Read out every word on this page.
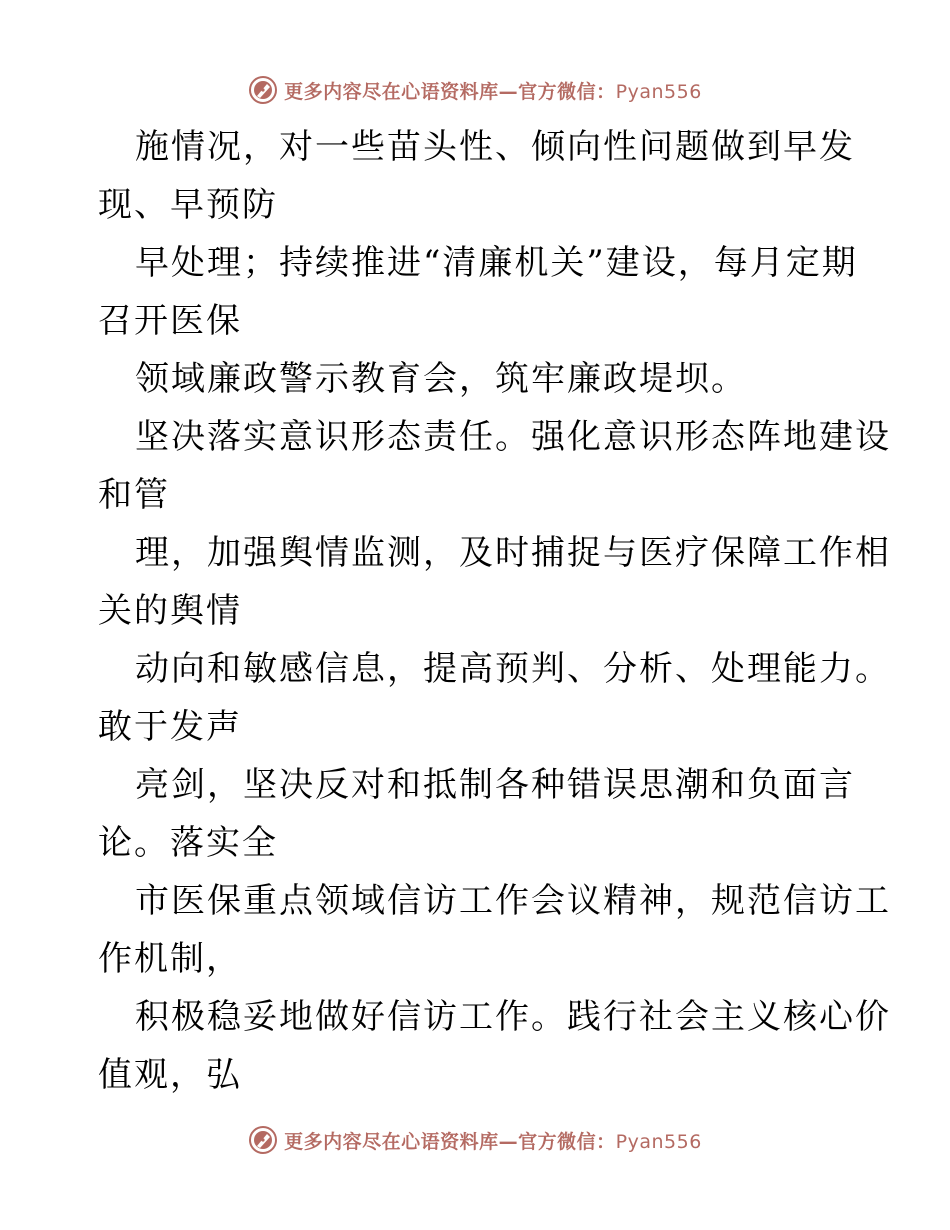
更多内容尽在心语资料库—官方微信：Pyan556
施情况，对一些苗头性、倾向性问题做到早发
现、早预防
早处理；持续推进“清廉机关”建设，每月定期
召开医保
领域廉政警示教育会，筑牢廉政堤坝。
坚决落实意识形态责任。强化意识形态阵地建设
和管
理，加强舆情监测，及时捕捉与医疗保障工作相
关的舆情
动向和敏感信息，提高预判、分析、处理能力。
敢于发声
亮剑，坚决反对和抵制各种错误思潮和负面言
论。落实全
市医保重点领域信访工作会议精神，规范信访工
作机制，
积极稳妥地做好信访工作。践行社会主义核心价
值观，弘
更多内容尽在心语资料库—官方微信：Pyan556
